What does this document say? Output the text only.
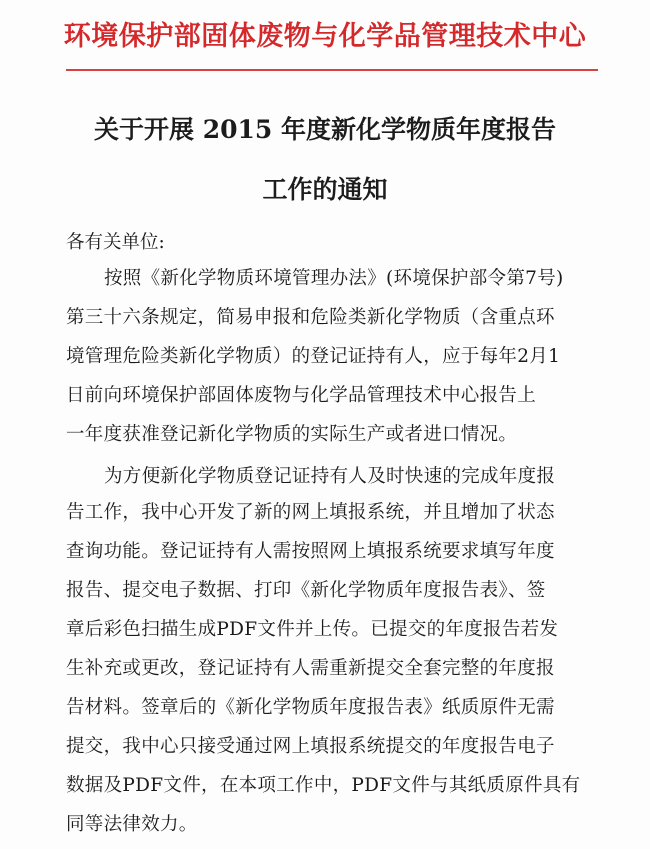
环境保护部固体废物与化学品管理技术中心
关于开展 2015 年度新化学物质年度报告
工作的通知
各有关单位:
按照《新化学物质环境管理办法》(环境保护部令第7号)
第三十六条规定，简易申报和危险类新化学物质（含重点环
境管理危险类新化学物质）的登记证持有人，应于每年2月1
日前向环境保护部固体废物与化学品管理技术中心报告上
一年度获准登记新化学物质的实际生产或者进口情况。
为方便新化学物质登记证持有人及时快速的完成年度报
告工作，我中心开发了新的网上填报系统，并且增加了状态
查询功能。登记证持有人需按照网上填报系统要求填写年度
报告、提交电子数据、打印《新化学物质年度报告表》、签
章后彩色扫描生成PDF文件并上传。已提交的年度报告若发
生补充或更改，登记证持有人需重新提交全套完整的年度报
告材料。签章后的《新化学物质年度报告表》纸质原件无需
提交，我中心只接受通过网上填报系统提交的年度报告电子
数据及PDF文件，在本项工作中，PDF文件与其纸质原件具有
同等法律效力。
